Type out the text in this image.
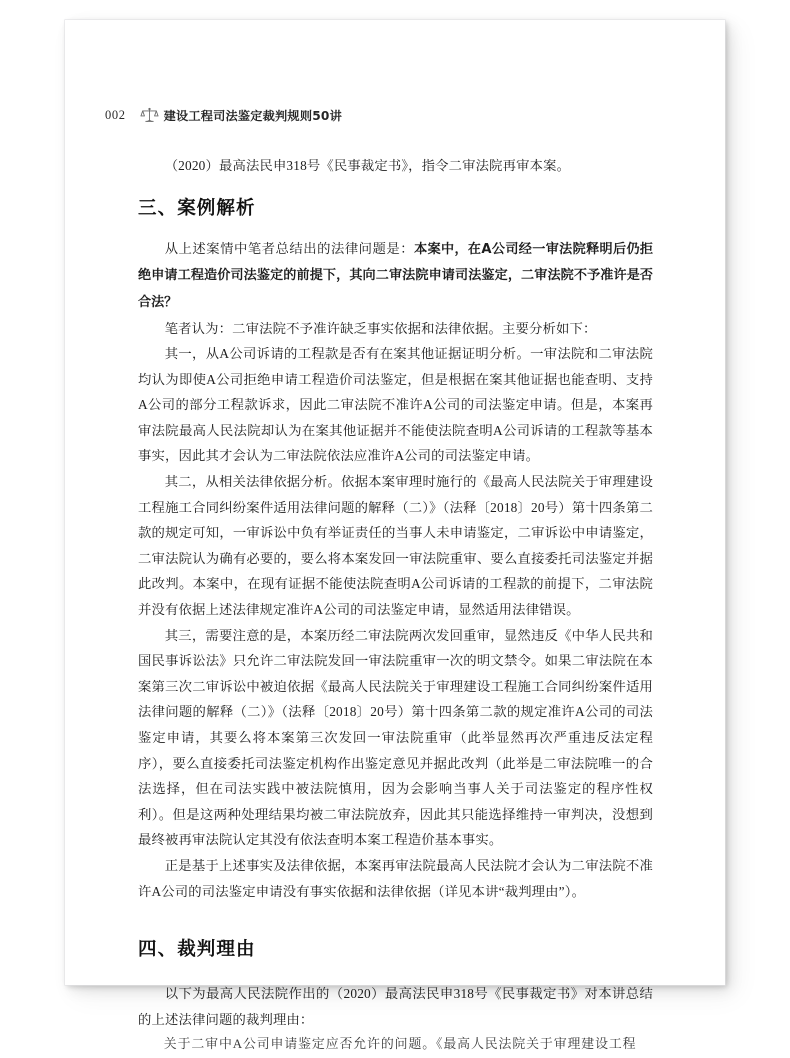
002	建设工程司法鉴定裁判规则50讲

（2020）最高法民申318号《民事裁定书》，指令二审法院再审本案。

三、案例解析

从上述案情中笔者总结出的法律问题是：本案中，在A公司经一审法院释明后仍拒绝申请工程造价司法鉴定的前提下，其向二审法院申请司法鉴定，二审法院不予准许是否合法？

笔者认为：二审法院不予准许缺乏事实依据和法律依据。主要分析如下：

其一，从A公司诉请的工程款是否有在案其他证据证明分析。一审法院和二审法院均认为即使A公司拒绝申请工程造价司法鉴定，但是根据在案其他证据也能查明、支持A公司的部分工程款诉求，因此二审法院不准许A公司的司法鉴定申请。但是，本案再审法院最高人民法院却认为在案其他证据并不能使法院查明A公司诉请的工程款等基本事实，因此其才会认为二审法院依法应准许A公司的司法鉴定申请。

其二，从相关法律依据分析。依据本案审理时施行的《最高人民法院关于审理建设工程施工合同纠纷案件适用法律问题的解释（二）》（法释〔2018〕20号）第十四条第二款的规定可知，一审诉讼中负有举证责任的当事人未申请鉴定，二审诉讼中申请鉴定，二审法院认为确有必要的，要么将本案发回一审法院重审、要么直接委托司法鉴定并据此改判。本案中，在现有证据不能使法院查明A公司诉请的工程款的前提下，二审法院并没有依据上述法律规定准许A公司的司法鉴定申请，显然适用法律错误。

其三，需要注意的是，本案历经二审法院两次发回重审，显然违反《中华人民共和国民事诉讼法》只允许二审法院发回一审法院重审一次的明文禁令。如果二审法院在本案第三次二审诉讼中被迫依据《最高人民法院关于审理建设工程施工合同纠纷案件适用法律问题的解释（二）》（法释〔2018〕20号）第十四条第二款的规定准许A公司的司法鉴定申请，其要么将本案第三次发回一审法院重审（此举显然再次严重违反法定程序），要么直接委托司法鉴定机构作出鉴定意见并据此改判（此举是二审法院唯一的合法选择，但在司法实践中被法院慎用，因为会影响当事人关于司法鉴定的程序性权利）。但是这两种处理结果均被二审法院放弃，因此其只能选择维持一审判决，没想到最终被再审法院认定其没有依法查明本案工程造价基本事实。

正是基于上述事实及法律依据，本案再审法院最高人民法院才会认为二审法院不准许A公司的司法鉴定申请没有事实依据和法律依据（详见本讲“裁判理由”）。

四、裁判理由

以下为最高人民法院作出的（2020）最高法民申318号《民事裁定书》对本讲总结的上述法律问题的裁判理由：

关于二审中A公司申请鉴定应否允许的问题。《最高人民法院关于审理建设工程
